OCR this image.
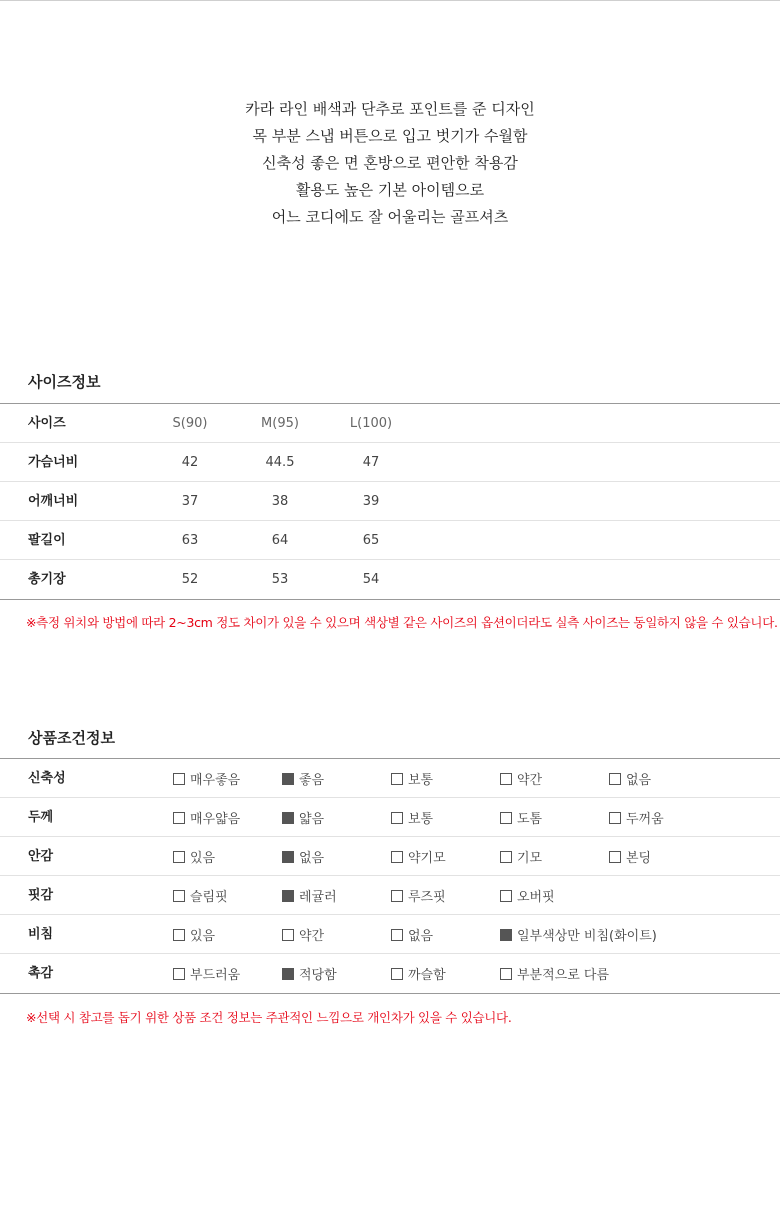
카라 라인 배색과 단추로 포인트를 준 디자인

목 부분 스냅 버튼으로 입고 벗기가 수월함

신축성 좋은 면 혼방으로 편안한 착용감

활용도 높은 기본 아이템으로

어느 코디에도 잘 어울리는 골프셔츠

사이즈정보
사이즈	S(90)	M(95)	L(100)
가슴너비	42	44.5	47
어깨너비	37	38	39
팔길이	63	64	65
총기장	52	53	54
※측정 위치와 방법에 따라 2~3cm 정도 차이가 있을 수 있으며 색상별 같은 사이즈의 옵션이더라도 실측 사이즈는 동일하지 않을 수 있습니다.
상품조건정보
신축성	매우좋음	좋음	보통	약간	없음
두께	매우얇음	얇음	보통	도톰	두꺼움
안감	있음	없음	약기모	기모	본딩
핏감	슬림핏	레귤러	루즈핏	오버핏
비침	있음	약간	없음	일부색상만 비침(화이트)
촉감	부드러움	적당함	까슬함	부분적으로 다름
※선택 시 참고를 돕기 위한 상품 조건 정보는 주관적인 느낌으로 개인차가 있을 수 있습니다.
